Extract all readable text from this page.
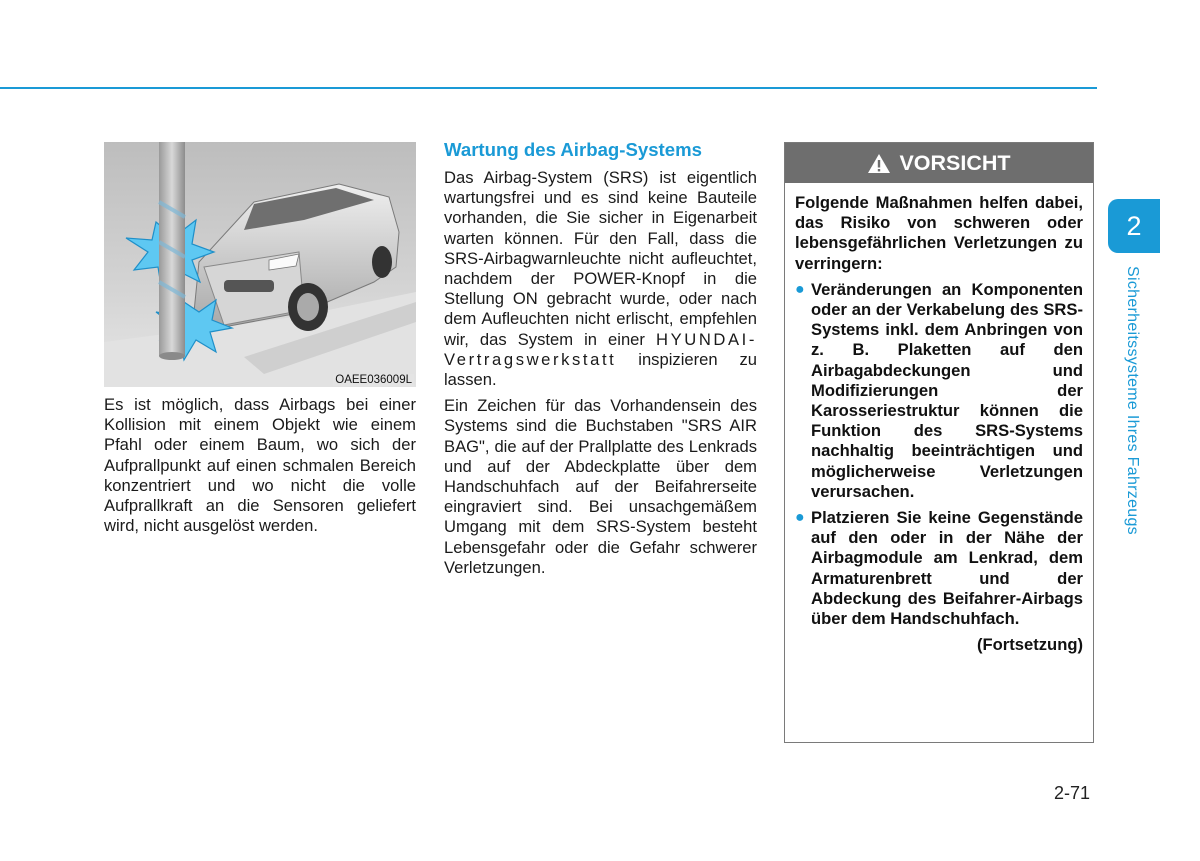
OAEE036009L

Es ist möglich, dass Airbags bei einer Kollision mit einem Objekt wie einem Pfahl oder einem Baum, wo sich der Aufprallpunkt auf einen schmalen Bereich konzentriert und wo nicht die volle Aufprallkraft an die Sensoren geliefert wird, nicht ausgelöst werden.

Wartung des Airbag-Systems

Das Airbag-System (SRS) ist eigentlich wartungsfrei und es sind keine Bauteile vorhanden, die Sie sicher in Eigenarbeit warten können. Für den Fall, dass die SRS-Airbagwarnleuchte nicht aufleuchtet, nachdem der POWER-Knopf in die Stellung ON gebracht wurde, oder nach dem Aufleuchten nicht erlischt, empfehlen wir, das System in einer HYUNDAI-Vertragswerkstatt inspizieren zu lassen.

Ein Zeichen für das Vorhandensein des Systems sind die Buchstaben "SRS AIR BAG", die auf der Prallplatte des Lenkrads und auf der Abdeckplatte über dem Handschuhfach auf der Beifahrerseite eingraviert sind. Bei unsachgemäßem Umgang mit dem SRS-System besteht Lebensgefahr oder die Gefahr schwerer Verletzungen.

VORSICHT

Folgende Maßnahmen helfen dabei, das Risiko von schweren oder lebensgefährlichen Verletzungen zu verringern:

● Veränderungen an Komponenten oder an der Verkabelung des SRS-Systems inkl. dem Anbringen von z. B. Plaketten auf den Airbagabdeckungen und Modifizierungen der Karosseriestruktur können die Funktion des SRS-Systems nachhaltig beeinträchtigen und möglicherweise Verletzungen verursachen.
● Platzieren Sie keine Gegenstände auf den oder in der Nähe der Airbagmodule am Lenkrad, dem Armaturenbrett und der Abdeckung des Beifahrer-Airbags über dem Handschuhfach.

(Fortsetzung)

2
Sicherheitssysteme Ihres Fahrzeugs
2-71
